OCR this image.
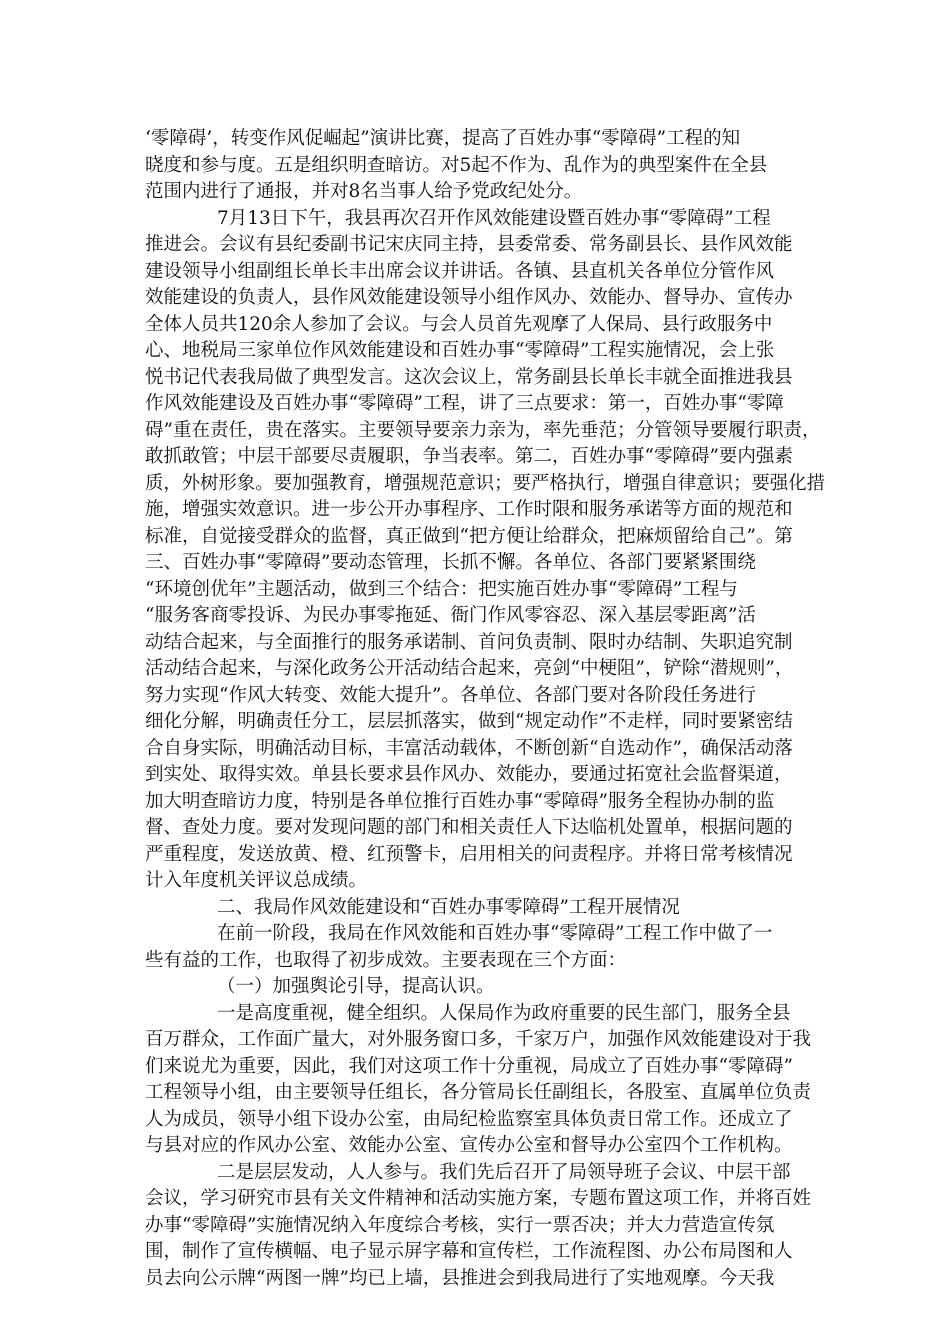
‘零障碍’，转变作风促崛起”演讲比赛，提高了百姓办事“零障碍”工程的知
晓度和参与度。五是组织明查暗访。对5起不作为、乱作为的典型案件在全县
范围内进行了通报，并对8名当事人给予党政纪处分。
7月13日下午，我县再次召开作风效能建设暨百姓办事“零障碍”工程
推进会。会议有县纪委副书记宋庆同主持，县委常委、常务副县长、县作风效能
建设领导小组副组长单长丰出席会议并讲话。各镇、县直机关各单位分管作风
效能建设的负责人，县作风效能建设领导小组作风办、效能办、督导办、宣传办
全体人员共120余人参加了会议。与会人员首先观摩了人保局、县行政服务中
心、地税局三家单位作风效能建设和百姓办事“零障碍”工程实施情况，会上张
悦书记代表我局做了典型发言。这次会议上，常务副县长单长丰就全面推进我县
作风效能建设及百姓办事“零障碍”工程，讲了三点要求：第一，百姓办事“零障
碍”重在责任，贵在落实。主要领导要亲力亲为，率先垂范；分管领导要履行职责，
敢抓敢管；中层干部要尽责履职，争当表率。第二，百姓办事“零障碍”要内强素
质，外树形象。要加强教育，增强规范意识；要严格执行，增强自律意识；要强化措
施，增强实效意识。进一步公开办事程序、工作时限和服务承诺等方面的规范和
标准，自觉接受群众的监督，真正做到“把方便让给群众，把麻烦留给自己”。第
三、百姓办事“零障碍”要动态管理，长抓不懈。各单位、各部门要紧紧围绕
“环境创优年”主题活动，做到三个结合：把实施百姓办事“零障碍”工程与
“服务客商零投诉、为民办事零拖延、衙门作风零容忍、深入基层零距离”活
动结合起来，与全面推行的服务承诺制、首问负责制、限时办结制、失职追究制
活动结合起来，与深化政务公开活动结合起来，亮剑“中梗阻”，铲除“潜规则”，
努力实现“作风大转变、效能大提升”。各单位、各部门要对各阶段任务进行
细化分解，明确责任分工，层层抓落实，做到“规定动作”不走样，同时要紧密结
合自身实际，明确活动目标，丰富活动载体，不断创新“自选动作”，确保活动落
到实处、取得实效。单县长要求县作风办、效能办，要通过拓宽社会监督渠道，
加大明查暗访力度，特别是各单位推行百姓办事“零障碍”服务全程协办制的监
督、查处力度。要对发现问题的部门和相关责任人下达临机处置单，根据问题的
严重程度，发送放黄、橙、红预警卡，启用相关的问责程序。并将日常考核情况
计入年度机关评议总成绩。
二、我局作风效能建设和“百姓办事零障碍”工程开展情况
在前一阶段，我局在作风效能和百姓办事“零障碍”工程工作中做了一
些有益的工作，也取得了初步成效。主要表现在三个方面：
（一）加强舆论引导，提高认识。
一是高度重视，健全组织。人保局作为政府重要的民生部门，服务全县
百万群众，工作面广量大，对外服务窗口多，千家万户，加强作风效能建设对于我
们来说尤为重要，因此，我们对这项工作十分重视，局成立了百姓办事“零障碍”
工程领导小组，由主要领导任组长，各分管局长任副组长，各股室、直属单位负责
人为成员，领导小组下设办公室，由局纪检监察室具体负责日常工作。还成立了
与县对应的作风办公室、效能办公室、宣传办公室和督导办公室四个工作机构。
二是层层发动，人人参与。我们先后召开了局领导班子会议、中层干部
会议，学习研究市县有关文件精神和活动实施方案，专题布置这项工作，并将百姓
办事“零障碍”实施情况纳入年度综合考核，实行一票否决；并大力营造宣传氛
围，制作了宣传横幅、电子显示屏字幕和宣传栏，工作流程图、办公布局图和人
员去向公示牌“两图一牌”均已上墙，县推进会到我局进行了实地观摩。今天我
